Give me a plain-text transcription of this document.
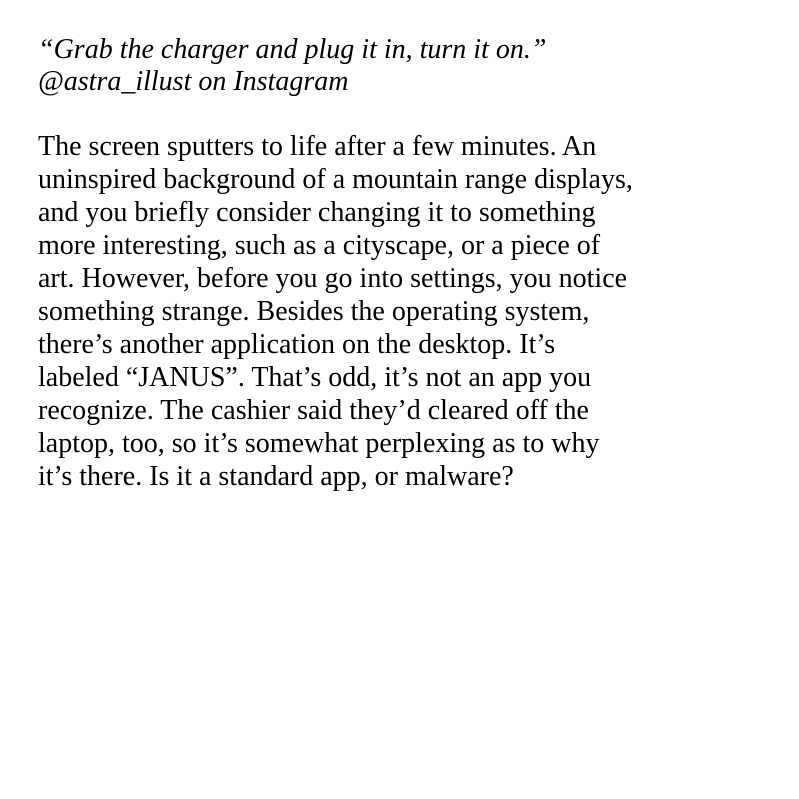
“Grab the charger and plug it in, turn it on.”
@astra_illust on Instagram
The screen sputters to life after a few minutes. An
uninspired background of a mountain range displays,
and you briefly consider changing it to something
more interesting, such as a cityscape, or a piece of
art. However, before you go into settings, you notice
something strange. Besides the operating system,
there’s another application on the desktop. It’s
labeled “JANUS”. That’s odd, it’s not an app you
recognize. The cashier said they’d cleared off the
laptop, too, so it’s somewhat perplexing as to why
it’s there. Is it a standard app, or malware?
